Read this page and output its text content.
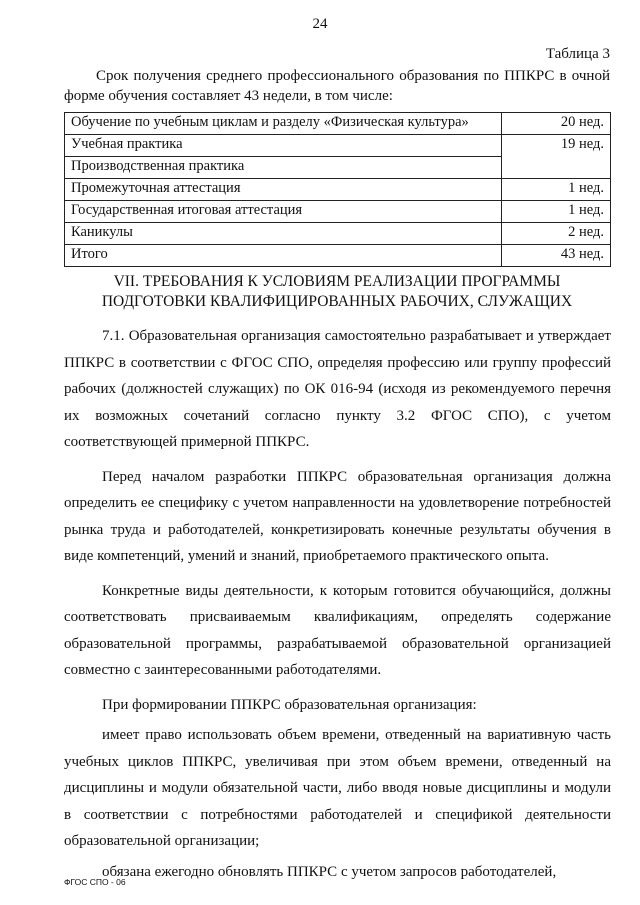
24
Таблица 3

Срок получения среднего профессионального образования по ППКРС в очной форме обучения составляет 43 недели, в том числе:

Обучение по учебным циклам и разделу «Физическая культура»	20 нед.
Учебная практика	19 нед.
Производственная практика	
Промежуточная аттестация	1 нед.
Государственная итоговая аттестация	1 нед.
Каникулы	2 нед.
Итого	43 нед.
VII. ТРЕБОВАНИЯ К УСЛОВИЯМ РЕАЛИЗАЦИИ ПРОГРАММЫ
ПОДГОТОВКИ КВАЛИФИЦИРОВАННЫХ РАБОЧИХ, СЛУЖАЩИХ

7.1. Образовательная организация самостоятельно разрабатывает и утверждает ППКРС в соответствии с ФГОС СПО, определяя профессию или группу профессий рабочих (должностей служащих) по ОК 016-94 (исходя из рекомендуемого перечня их возможных сочетаний согласно пункту 3.2 ФГОС СПО), с учетом соответствующей примерной ППКРС.

Перед началом разработки ППКРС образовательная организация должна определить ее специфику с учетом направленности на удовлетворение потребностей рынка труда и работодателей, конкретизировать конечные результаты обучения в виде компетенций, умений и знаний, приобретаемого практического опыта.

Конкретные виды деятельности, к которым готовится обучающийся, должны соответствовать присваиваемым квалификациям, определять содержание образовательной программы, разрабатываемой образовательной организацией совместно с заинтересованными работодателями.

При формировании ППКРС образовательная организация:

имеет право использовать объем времени, отведенный на вариативную часть учебных циклов ППКРС, увеличивая при этом объем времени, отведенный на дисциплины и модули обязательной части, либо вводя новые дисциплины и модули в соответствии с потребностями работодателей и спецификой деятельности образовательной организации;

обязана ежегодно обновлять ППКРС с учетом запросов работодателей,

ФГОС СПО - 06
